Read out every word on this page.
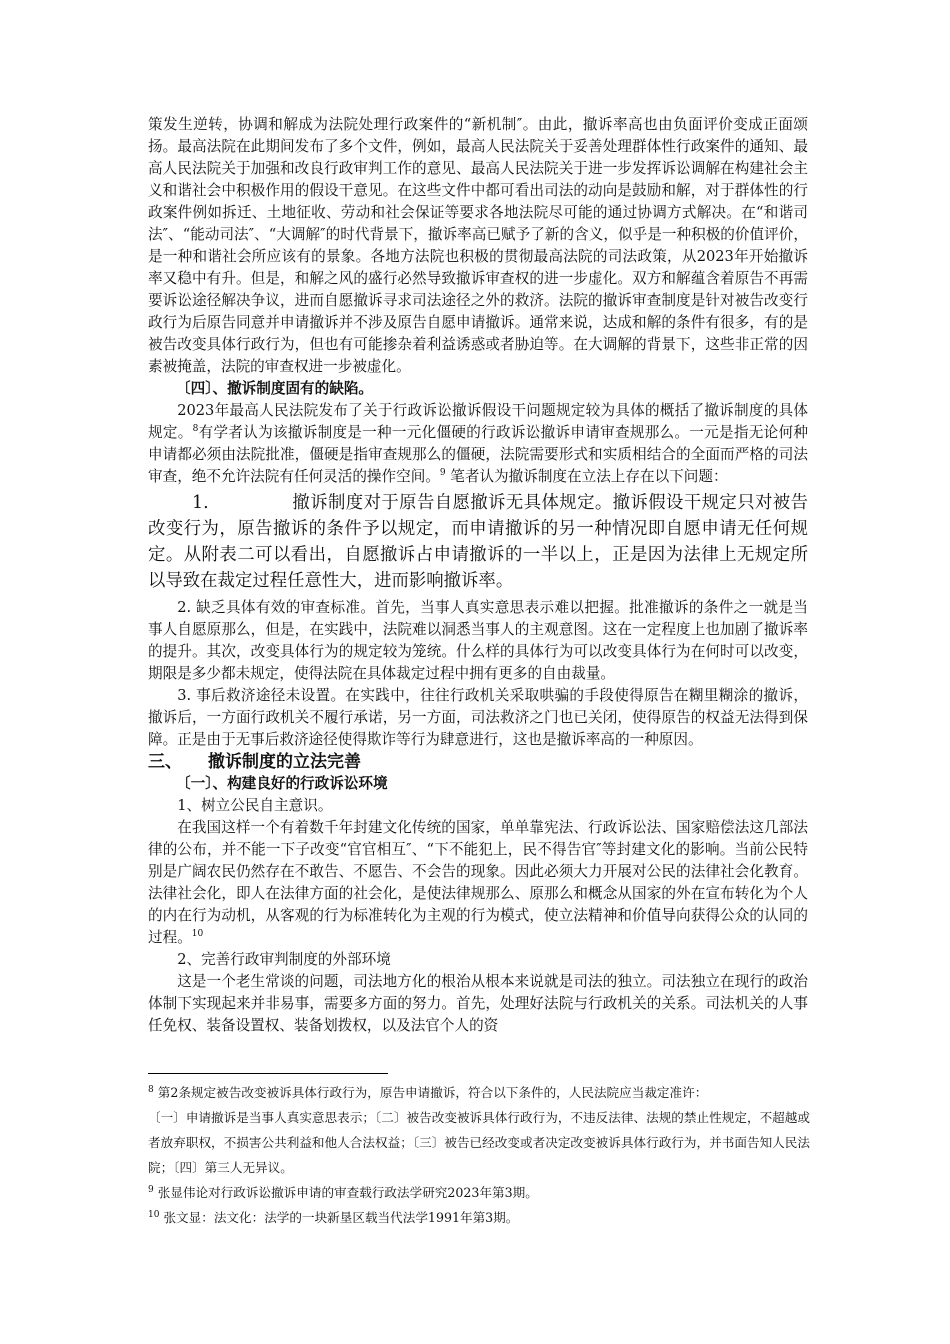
策发生逆转，协调和解成为法院处理行政案件的“新机制″。由此，撤诉率高也由负面评价变成正面颂扬。最高法院在此期间发布了多个文件，例如，最高人民法院关于妥善处理群体性行政案件的通知、最高人民法院关于加强和改良行政审判工作的意见、最高人民法院关于进一步发挥诉讼调解在构建社会主义和谐社会中积极作用的假设干意见。在这些文件中都可看出司法的动向是鼓励和解，对于群体性的行政案件例如拆迁、土地征收、劳动和社会保证等要求各地法院尽可能的通过协调方式解决。在“和谐司法″、“能动司法″、“大调解″的时代背景下，撤诉率高已赋予了新的含义，似乎是一种积极的价值评价，是一种和谐社会所应该有的景象。各地方法院也积极的贯彻最高法院的司法政策，从2023年开始撤诉率又稳中有升。但是，和解之风的盛行必然导致撤诉审查权的进一步虚化。双方和解蕴含着原告不再需要诉讼途径解决争议，进而自愿撤诉寻求司法途径之外的救济。法院的撤诉审查制度是针对被告改变行政行为后原告同意并申请撤诉并不涉及原告自愿申请撤诉。通常来说，达成和解的条件有很多，有的是被告改变具体行政行为，但也有可能掺杂着利益诱惑或者胁迫等。在大调解的背景下，这些非正常的因素被掩盖，法院的审查权进一步被虚化。

〔四〕、撤诉制度固有的缺陷。

2023年最高人民法院发布了关于行政诉讼撤诉假设干问题规定较为具体的概括了撤诉制度的具体规定。$^8$有学者认为该撤诉制度是一种一元化僵硬的行政诉讼撤诉申请审查规那么。一元是指无论何种申请都必须由法院批准，僵硬是指审查规那么的僵硬，法院需要形式和实质相结合的全面而严格的司法审查，绝不允许法院有任何灵活的操作空间。$^9$ 笔者认为撤诉制度在立法上存在以下问题：

1.	撤诉制度对于原告自愿撤诉无具体规定。撤诉假设干规定只对被告改变行为，原告撤诉的条件予以规定，而申请撤诉的另一种情况即自愿申请无任何规定。从附表二可以看出，自愿撤诉占申请撤诉的一半以上，正是因为法律上无规定所以导致在裁定过程任意性大，进而影响撤诉率。

2. 缺乏具体有效的审查标准。首先，当事人真实意思表示难以把握。批准撤诉的条件之一就是当事人自愿原那么，但是，在实践中，法院难以洞悉当事人的主观意图。这在一定程度上也加剧了撤诉率的提升。其次，改变具体行为的规定较为笼统。什么样的具体行为可以改变具体行为在何时可以改变，期限是多少都未规定，使得法院在具体裁定过程中拥有更多的自由裁量。

3. 事后救济途径未设置。在实践中，往往行政机关采取哄骗的手段使得原告在糊里糊涂的撤诉，撤诉后，一方面行政机关不履行承诺，另一方面，司法救济之门也已关闭，使得原告的权益无法得到保障。正是由于无事后救济途径使得欺诈等行为肆意进行，这也是撤诉率高的一种原因。

三、 撤诉制度的立法完善

〔一〕、构建良好的行政诉讼环境

1、树立公民自主意识。

在我国这样一个有着数千年封建文化传统的国家，单单靠宪法、行政诉讼法、国家赔偿法这几部法律的公布，并不能一下子改变“官官相互″、“下不能犯上，民不得告官″等封建文化的影响。当前公民特别是广阔农民仍然存在不敢告、不愿告、不会告的现象。因此必须大力开展对公民的法律社会化教育。法律社会化，即人在法律方面的社会化，是使法律规那么、原那么和概念从国家的外在宣布转化为个人的内在行为动机，从客观的行为标准转化为主观的行为模式，使立法精神和价值导向获得公众的认同的过程。$^{10}$

2、完善行政审判制度的外部环境

这是一个老生常谈的问题，司法地方化的根治从根本来说就是司法的独立。司法独立在现行的政治体制下实现起来并非易事，需要多方面的努力。首先，处理好法院与行政机关的关系。司法机关的人事任免权、装备设置权、装备划拨权，以及法官个人的资

$^8$ 第2条规定被告改变被诉具体行政行为，原告申请撤诉，符合以下条件的，人民法院应当裁定准许：

〔一〕申请撤诉是当事人真实意思表示；〔二〕被告改变被诉具体行政行为，不违反法律、法规的禁止性规定，不超越或者放弃职权，不损害公共利益和他人合法权益；〔三〕被告已经改变或者决定改变被诉具体行政行为，并书面告知人民法院；〔四〕第三人无异议。

$^9$ 张显伟论对行政诉讼撤诉申请的审查载行政法学研究2023年第3期。

$^{10}$ 张文显：法文化：法学的一块新垦区载当代法学1991年第3期。
